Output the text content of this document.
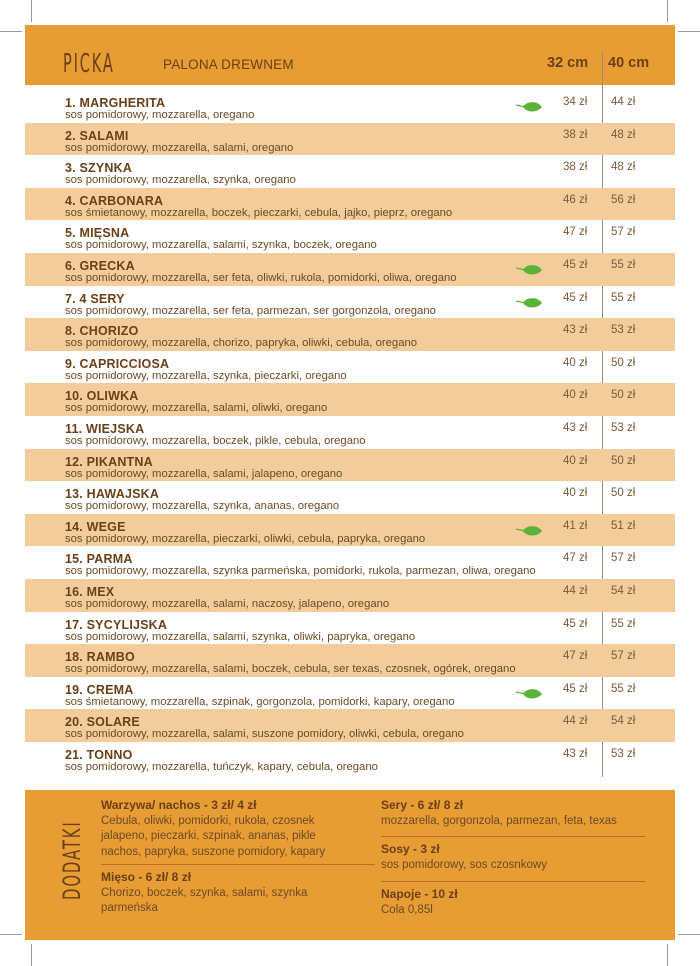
PICKA	PALONA DREWNEM	32 cm 40 cm
1. MARGHERITA
sos pomidorowy, mozzarella, oregano
34 zł 44 zł
2. SALAMI
sos pomidorowy, mozzarella, salami, oregano
38 zł 48 zł
3. SZYNKA
sos pomidorowy, mozzarella, szynka, oregano
38 zł 48 zł
4. CARBONARA
sos śmietanowy, mozzarella, boczek, pieczarki, cebula, jajko, pieprz, oregano
46 zł 56 zł
5. MIĘSNA
sos pomidorowy, mozzarella, salami, szynka, boczek, oregano
47 zł 57 zł
6. GRECKA
sos pomidorowy, mozzarella, ser feta, oliwki, rukola, pomidorki, oliwa, oregano
45 zł 55 zł
7. 4 SERY
sos pomidorowy, mozzarella, ser feta, parmezan, ser gorgonzola, oregano
45 zł 55 zł
8. CHORIZO
sos pomidorowy, mozzarella, chorizo, papryka, oliwki, cebula, oregano
43 zł 53 zł
9. CAPRICCIOSA
sos pomidorowy, mozzarella, szynka, pieczarki, oregano
40 zł 50 zł
10. OLIWKA
sos pomidorowy, mozzarella, salami, oliwki, oregano
40 zł 50 zł
11. WIEJSKA
sos pomidorowy, mozzarella, boczek, pikle, cebula, oregano
43 zł 53 zł
12. PIKANTNA
sos pomidorowy, mozzarella, salami, jalapeno, oregano
40 zł 50 zł
13. HAWAJSKA
sos pomidorowy, mozzarella, szynka, ananas, oregano
40 zł 50 zł
14. WEGE
sos pomidorowy, mozzarella, pieczarki, oliwki, cebula, papryka, oregano
41 zł 51 zł
15. PARMA
sos pomidorowy, mozzarella, szynka parmeńska, pomidorki, rukola, parmezan, oliwa, oregano
47 zł 57 zł
16. MEX
sos pomidorowy, mozzarella, salami, naczosy, jalapeno, oregano
44 zł 54 zł
17. SYCYLIJSKA
sos pomidorowy, mozzarella, salami, szynka, oliwki, papryka, oregano
45 zł 55 zł
18. RAMBO
sos pomidorowy, mozzarella, salami, boczek, cebula, ser texas, czosnek, ogórek, oregano
47 zł 57 zł
19. CREMA
sos śmietanowy, mozzarella, szpinak, gorgonzola, pomidorki, kapary, oregano
45 zł 55 zł
20. SOLARE
sos pomidorowy, mozzarella, salami, suszone pomidory, oliwki, cebula, oregano
44 zł 54 zł
21. TONNO
sos pomidorowy, mozzarella, tuńczyk, kapary, cebula, oregano
43 zł 53 zł
DODATKI
Warzywa/ nachos - 3 zł/ 4 zł
Cebula, oliwki, pomidorki, rukola, czosnek
jalapeno, pieczarki, szpinak, ananas, pikle
nachos, papryka, suszone pomidory, kapary
Mięso - 6 zł/ 8 zł
Chorizo, boczek, szynka, salami, szynka
parmeńska
Sery - 6 zł/ 8 zł
mozzarella, gorgonzola, parmezan, feta, texas
Sosy - 3 zł
sos pomidorowy, sos czosnkowy
Napoje - 10 zł
Cola 0,85l
